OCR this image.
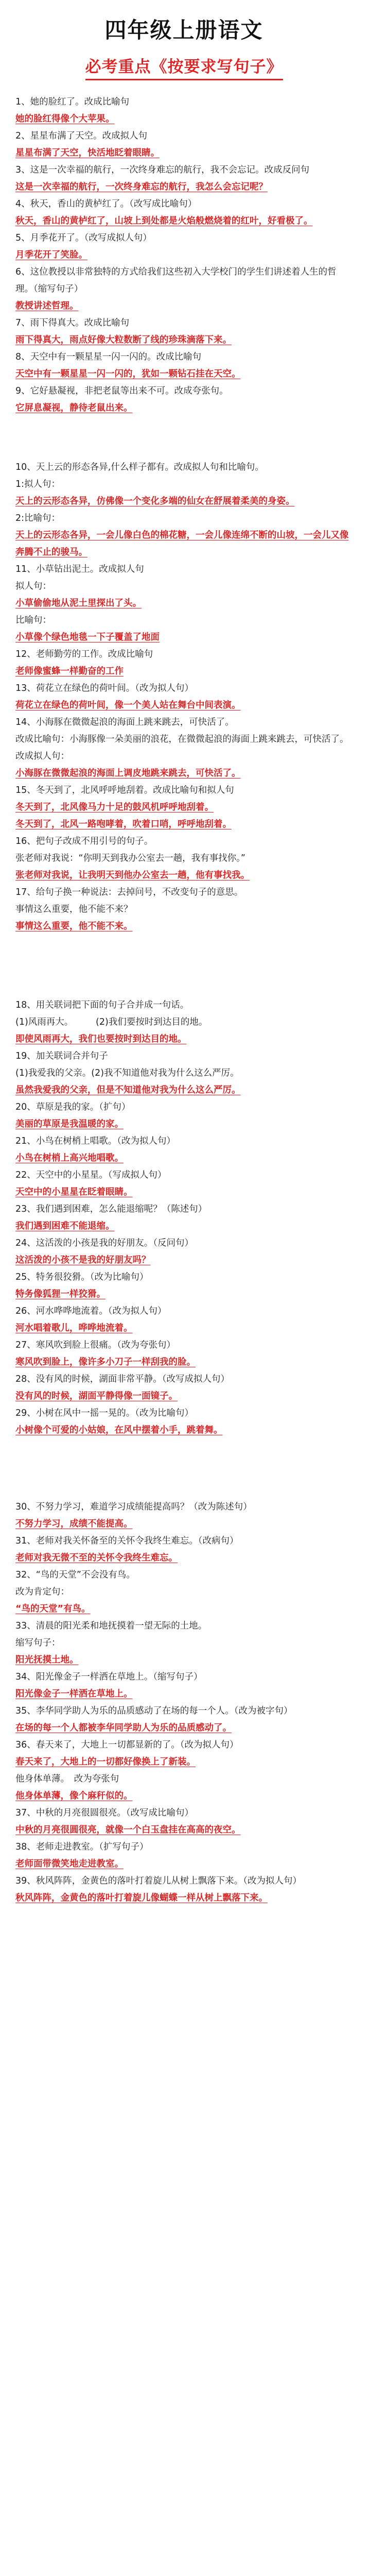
四年级上册语文
必考重点《按要求写句子》

1、她的脸红了。改成比喻句

她的脸红得像个大苹果。

2、星星布满了天空。改成拟人句

星星布满了天空，快活地眨着眼睛。

3、这是一次幸福的航行，一次终身难忘的航行，我不会忘记。改成反问句

这是一次幸福的航行，一次终身难忘的航行，我怎么会忘记呢？

4、秋天，香山的黄栌红了。（改写成比喻句）

秋天，香山的黄栌红了，山坡上到处都是火焰般燃烧着的红叶，好看极了。

5、月季花开了。（改写成拟人句）

月季花开了笑脸。

6、这位教授以非常独特的方式给我们这些初入大学校门的学生们讲述着人生的哲理。（缩写句子）

教授讲述哲理。

7、雨下得真大。改成比喻句

雨下得真大，雨点好像大粒数断了线的珍珠滴落下来。

8、天空中有一颗星星一闪一闪的。改成比喻句

天空中有一颗星星一闪一闪的，犹如一颗钻石挂在天空。

9、它好悬凝视，非把老鼠等出来不可。改成夸张句。

它屏息凝视，静待老鼠出来。

10、天上云的形态各异,什么样子都有。改成拟人句和比喻句。

1:拟人句：

天上的云形态各异，仿佛像一个变化多端的仙女在舒展着柔美的身姿。

2:比喻句：

天上的云形态各异，一会儿像白色的棉花糖，一会儿像连绵不断的山坡，一会儿又像奔腾不止的骏马。

11、小草钻出泥土。改成拟人句

拟人句：

小草偷偷地从泥土里探出了头。

比喻句：

小草像个绿色地毯一下子覆盖了地面

12、老师勤劳的工作。改成比喻句

老师像蜜蜂一样勤奋的工作

13、荷花立在绿色的荷叶间。（改为拟人句）

荷花立在绿色的荷叶间，像一个美人站在舞台中间表演。

14、小海豚在微微起浪的海面上跳来跳去，可快活了。

改成比喻句：小海豚像一朵美丽的浪花，在微微起浪的海面上跳来跳去，可快活了。

改成拟人句：

小海豚在微微起浪的海面上调皮地跳来跳去，可快活了。

15、冬天到了，北风呼呼地刮着。改成比喻句和拟人句

冬天到了，北风像马力十足的鼓风机呼呼地刮着。

冬天到了，北风一路咆哮着，吹着口哨，呼呼地刮着。

16、把句子改成不用引号的句子。

张老师对我说：“你明天到我办公室去一趟，我有事找你。”

张老师对我说，让我明天到他办公室去一趟，他有事找我。

17、给句子换一种说法：去掉问号，不改变句子的意思。

事情这么重要，他不能不来？

事情这么重要，他不能不来。

18、用关联词把下面的句子合并成一句话。

(1)风雨再大。　　　(2)我们要按时到达目的地。

即使风雨再大，我们也要按时到达目的地。

19、加关联词合并句子

(1)我爱我的父亲。(2)我不知道他对我为什么这么严厉。

虽然我爱我的父亲，但是不知道他对我为什么这么严厉。

20、草原是我的家。（扩句）

美丽的草原是我温暖的家。

21、小鸟在树梢上唱歌。（改为拟人句）

小鸟在树梢上高兴地唱歌。

22、天空中的小星星。（写成拟人句）

天空中的小星星在眨着眼睛。

23、我们遇到困难，怎么能退缩呢？（陈述句）

我们遇到困难不能退缩。

24、这活泼的小孩是我的好朋友。（反问句）

这活泼的小孩不是我的好朋友吗？

25、特务很狡猾。（改为比喻句）

特务像狐狸一样狡猾。

26、河水哗哗地流着。（改为拟人句）

河水唱着歌儿，哗哗地流着。

27、寒风吹到脸上很痛。（改为夸张句）

寒风吹到脸上，像许多小刀子一样刮我的脸。

28、没有风的时候，湖面非常平静。（改写成拟人句）

没有风的时候，湖面平静得像一面镜子。

29、小树在风中一摇一晃的。（改为比喻句）

小树像个可爱的小姑娘，在风中摆着小手，跳着舞。

30、不努力学习，难道学习成绩能提高吗？（改为陈述句）

不努力学习，成绩不能提高。

31、老师对我关怀备至的关怀令我终生难忘。（改病句）

老师对我无微不至的关怀令我终生难忘。

32、“鸟的天堂”不会没有鸟。

改为肯定句：

“鸟的天堂”有鸟。

33、清晨的阳光柔和地抚摸着一望无际的土地。

缩写句子：

阳光抚摸土地。

34、阳光像金子一样洒在草地上。（缩写句子）

阳光像金子一样洒在草地上。

35、李华同学助人为乐的品质感动了在场的每一个人。（改为被字句）

在场的每一个人都被李华同学助人为乐的品质感动了。

36、春天来了，大地上一切都显新的了。（改为拟人句）

春天来了，大地上的一切都好像换上了新装。

他身体单薄。　改为夸张句

他身体单薄，像个麻秆似的。

37、中秋的月亮很圆很亮。（改写成比喻句）

中秋的月亮很圆很亮，就像一个白玉盘挂在高高的夜空。

38、老师走进教室。（扩写句子）

老师面带微笑地走进教室。

39、秋风阵阵，金黄色的落叶打着旋儿从树上飘落下来。（改为拟人句）

秋风阵阵，金黄色的落叶打着旋儿像蝴蝶一样从树上飘落下来。
